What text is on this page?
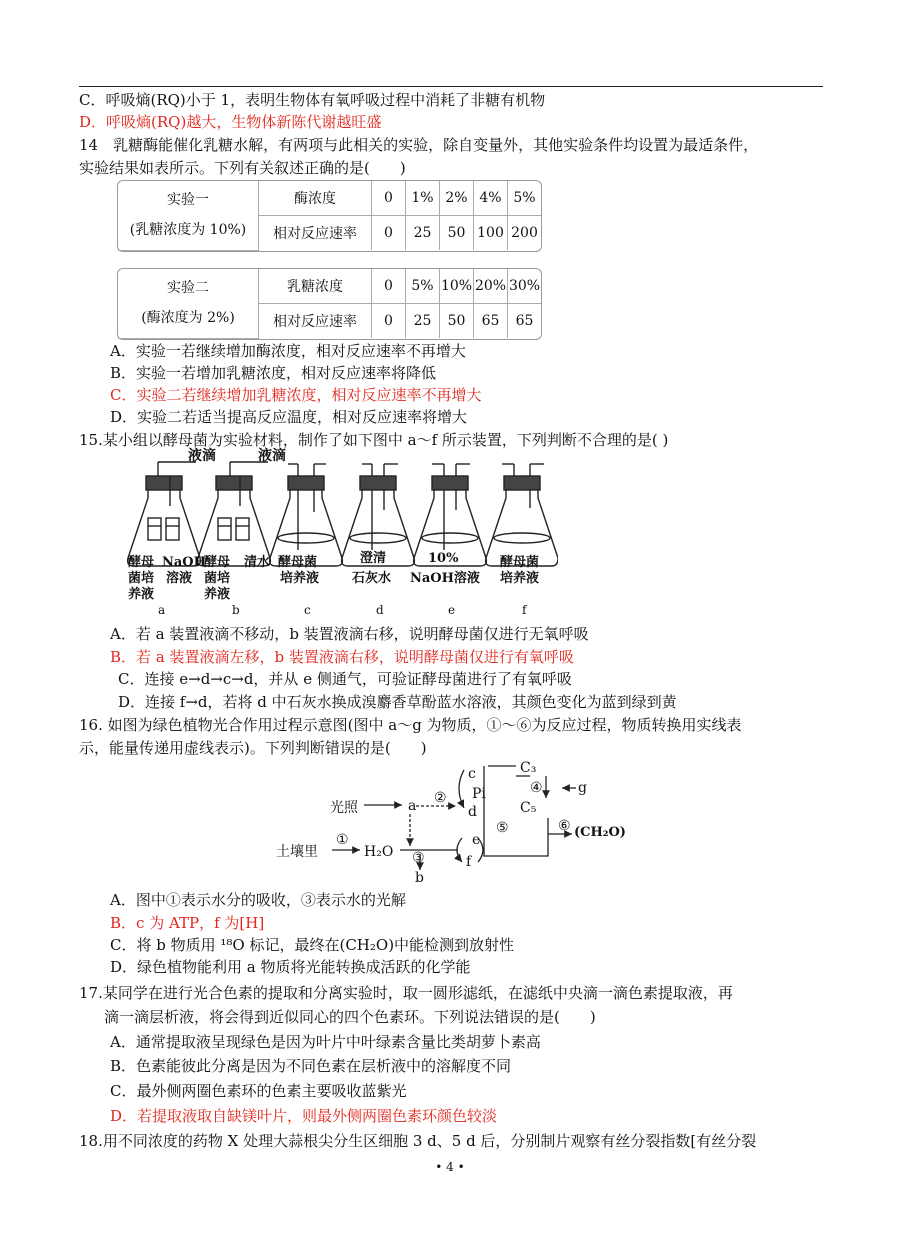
C．呼吸熵(RQ)小于 1，表明生物体有氧呼吸过程中消耗了非糖有机物
D．呼吸熵(RQ)越大，生物体新陈代谢越旺盛
14　乳糖酶能催化乳糖水解，有两项与此相关的实验，除自变量外，其他实验条件均设置为最适条件，
实验结果如表所示。下列有关叙述正确的是(　　)
实验一
(乳糖浓度为 10%)	酶浓度	0	1%	2%	4%	5%
	相对反应速率	0	25	50	100	200
实验二
(酶浓度为 2%)	乳糖浓度	0	5%	10%	20%	30%
	相对反应速率	0	25	50	65	65
A．实验一若继续增加酶浓度，相对反应速率不再增大
B．实验一若增加乳糖浓度，相对反应速率将降低
C．实验二若继续增加乳糖浓度，相对反应速率不再增大
D．实验二若适当提高反应温度，相对反应速率将增大
15.某小组以酵母菌为实验材料，制作了如下图中 a～f 所示装置，下列判断不合理的是( )
液滴	液滴
酵母
菌培
养液
NaOH
溶液
酵母
菌培
养液
清水 酵母菌
培养液
澄清
石灰水
10%
NaOH溶液
酵母菌
培养液
a	b	c	d	e	f
A．若 a 装置液滴不移动，b 装置液滴右移，说明酵母菌仅进行无氧呼吸
B．若 a 装置液滴左移，b 装置液滴右移，说明酵母菌仅进行有氧呼吸
C．连接 e→d→c→d，并从 e 侧通气，可验证酵母菌进行了有氧呼吸
D．连接 f→d，若将 d 中石灰水换成溴麝香草酚蓝水溶液，其颜色变化为蓝到绿到黄
16. 如图为绿色植物光合作用过程示意图(图中 a～g 为物质，①～⑥为反应过程，物质转换用实线表
示，能量传递用虚线表示)。下列判断错误的是(　　)
光照
土壤里	H₂O
a
b
c
d
e
f
Pi
C₃
C₅
g
(CH₂O)
①
②
③
④
⑤	⑥
A．图中①表示水分的吸收，③表示水的光解
B．c 为 ATP，f 为[H]
C．将 b 物质用 ¹⁸O 标记，最终在(CH₂O)中能检测到放射性
D．绿色植物能利用 a 物质将光能转换成活跃的化学能
17.某同学在进行光合色素的提取和分离实验时，取一圆形滤纸，在滤纸中央滴一滴色素提取液，再
滴一滴层析液，将会得到近似同心的四个色素环。下列说法错误的是(　　)
A．通常提取液呈现绿色是因为叶片中叶绿素含量比类胡萝卜素高
B．色素能彼此分离是因为不同色素在层析液中的溶解度不同
C．最外侧两圈色素环的色素主要吸收蓝紫光
D．若提取液取自缺镁叶片，则最外侧两圈色素环颜色较淡
18.用不同浓度的药物 X 处理大蒜根尖分生区细胞 3 d、5 d 后，分别制片观察有丝分裂指数[有丝分裂
• 4 •
